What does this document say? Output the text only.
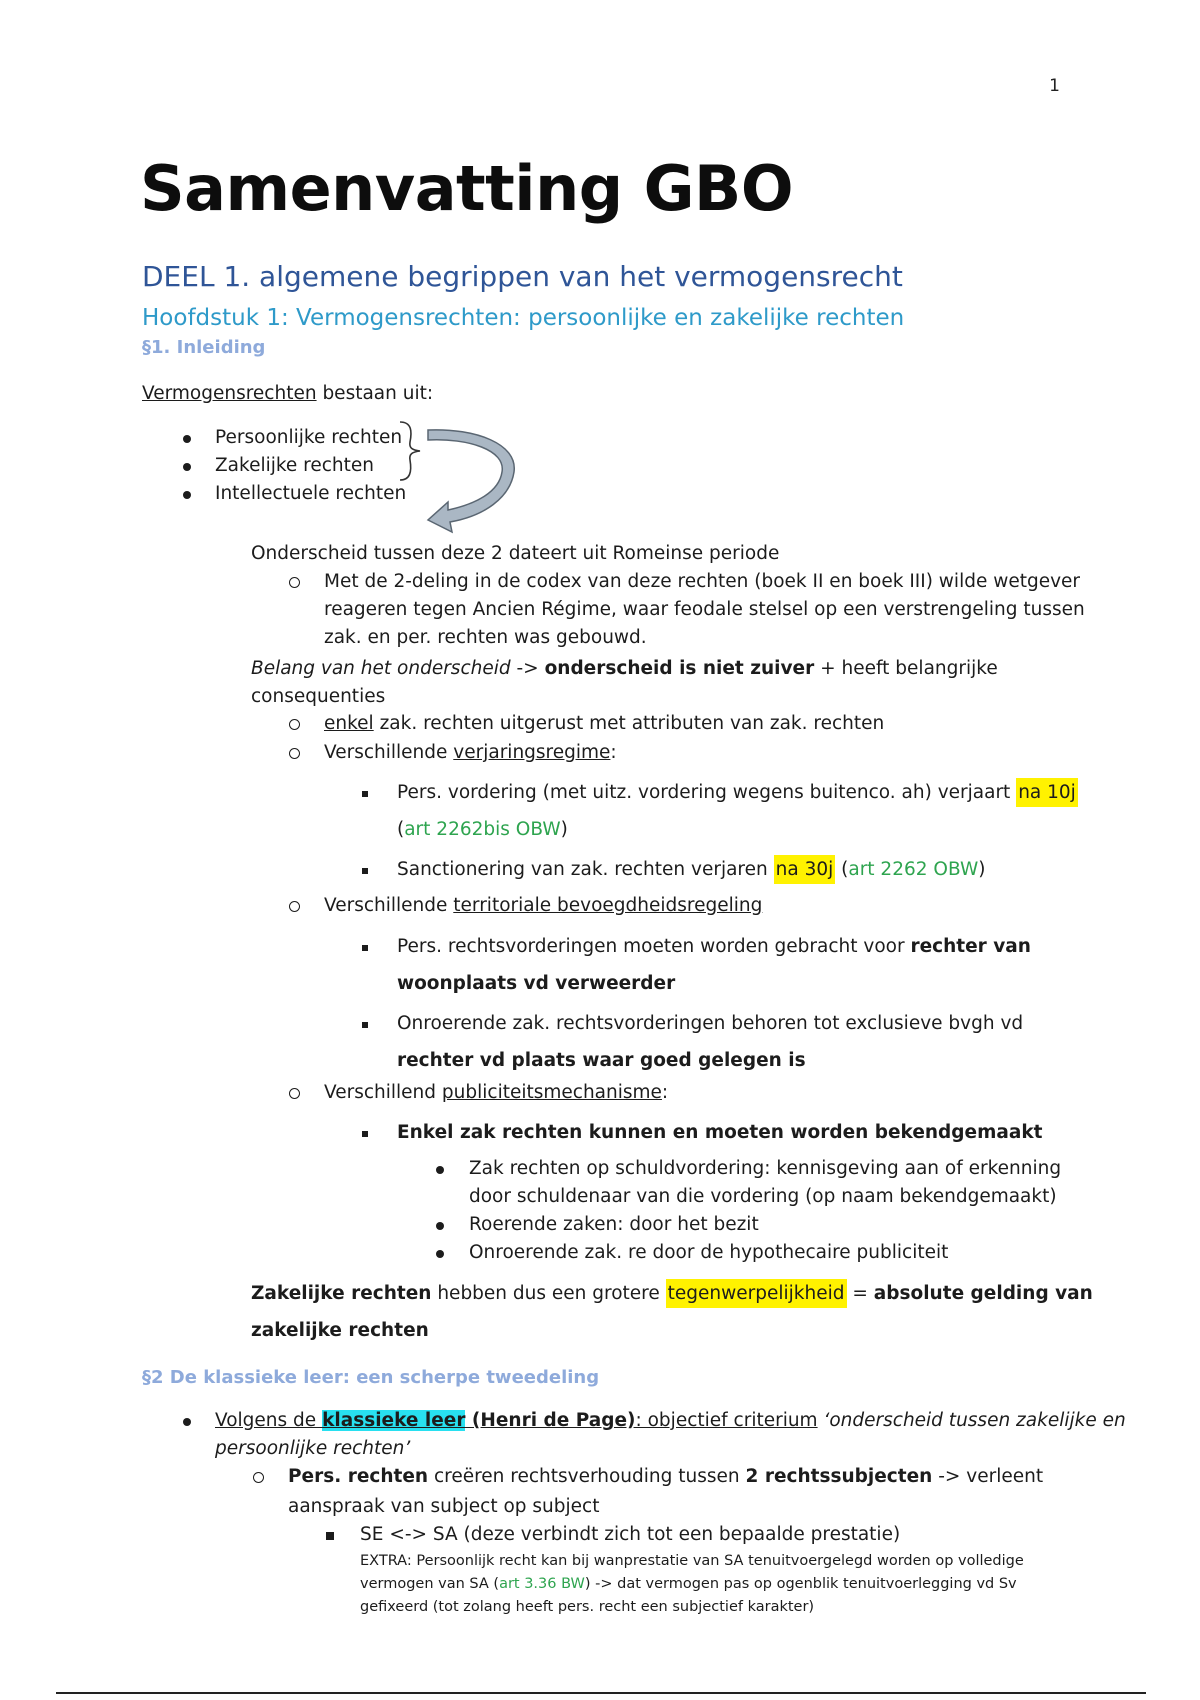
1
Samenvatting GBO
DEEL 1. algemene begrippen van het vermogensrecht
Hoofdstuk 1: Vermogensrechten: persoonlijke en zakelijke rechten
§1. Inleiding
Vermogensrechten bestaan uit:
Persoonlijke rechten
Zakelijke rechten
Intellectuele rechten
Onderscheid tussen deze 2 dateert uit Romeinse periode
Met de 2-deling in de codex van deze rechten (boek II en boek III) wilde wetgever
reageren tegen Ancien Régime, waar feodale stelsel op een verstrengeling tussen
zak. en per. rechten was gebouwd.
Belang van het onderscheid -> onderscheid is niet zuiver + heeft belangrijke
consequenties
enkel zak. rechten uitgerust met attributen van zak. rechten
Verschillende verjaringsregime:
Pers. vordering (met uitz. vordering wegens buitenco. ah) verjaart na 10j
(art 2262bis OBW)
Sanctionering van zak. rechten verjaren na 30j (art 2262 OBW)
Verschillende territoriale bevoegdheidsregeling
Pers. rechtsvorderingen moeten worden gebracht voor rechter van
woonplaats vd verweerder
Onroerende zak. rechtsvorderingen behoren tot exclusieve bvgh vd
rechter vd plaats waar goed gelegen is
Verschillend publiciteitsmechanisme:
Enkel zak rechten kunnen en moeten worden bekendgemaakt
Zak rechten op schuldvordering: kennisgeving aan of erkenning
door schuldenaar van die vordering (op naam bekendgemaakt)
Roerende zaken: door het bezit
Onroerende zak. re door de hypothecaire publiciteit
Zakelijke rechten hebben dus een grotere tegenwerpelijkheid = absolute gelding van
zakelijke rechten
§2 De klassieke leer: een scherpe tweedeling
Volgens de klassieke leer (Henri de Page): objectief criterium ‘onderscheid tussen zakelijke en
persoonlijke rechten’
Pers. rechten creëren rechtsverhouding tussen 2 rechtssubjecten -> verleent
aanspraak van subject op subject
SE <-> SA (deze verbindt zich tot een bepaalde prestatie)
EXTRA: Persoonlijk recht kan bij wanprestatie van SA tenuitvoergelegd worden op volledige
vermogen van SA (art 3.36 BW) -> dat vermogen pas op ogenblik tenuitvoerlegging vd Sv
gefixeerd (tot zolang heeft pers. recht een subjectief karakter)
